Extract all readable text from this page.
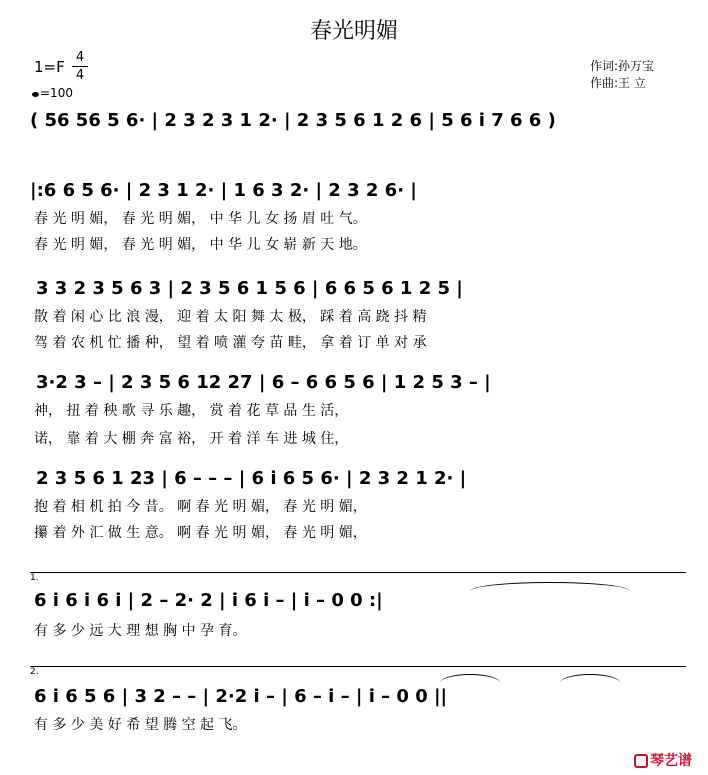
春光明媚
1=F
4
4
=100
作词:孙万宝
作曲:王 立
( 56 56 5 6· | 2 3 2 3 1 2· | 2 3 5 6 1 2 6 | 5 6 i 7 6 6 )
|:6 6 5 6· | 2 3 1 2· | 1 6 3 2· | 2 3 2 6· |
春 光 明 媚， 春 光 明 媚， 中 华 儿 女 扬 眉 吐 气。
春 光 明 媚， 春 光 明 媚， 中 华 儿 女 崭 新 天 地。
3 3 2 3 5 6 3 | 2 3 5 6 1 5 6 | 6 6 5 6 1 2 5 |
散 着 闲 心 比 浪 漫， 迎 着 太 阳 舞 太 极， 踩 着 高 跷 抖 精
驾 着 农 机 忙 播 种， 望 着 喷 灌 夸 苗 畦， 拿 着 订 单 对 承
3·2 3 – | 2 3 5 6 12 27 | 6 – 6 6 5 6 | 1 2 5 3 – |
神， 扭 着 秧 歌 寻 乐 趣， 赏 着 花 草 品 生 活，
诺， 靠 着 大 棚 奔 富 裕， 开 着 洋 车 进 城 住，
2 3 5 6 1 23 | 6 – – – | 6 i 6 5 6· | 2 3 2 1 2· |
抱 着 相 机 拍 今 昔。 啊 春 光 明 媚， 春 光 明 媚，
攥 着 外 汇 做 生 意。 啊 春 光 明 媚， 春 光 明 媚，
1.
6 i 6 i 6 i | 2 – 2· 2 | i 6 i – | i – 0 0 :|
有 多 少 远 大 理 想 胸 中 孕 育。
2.
6 i 6 5 6 | 3 2 – – | 2·2 i – | 6 – i – | i – 0 0 ||
有 多 少 美 好 希 望 腾 空 起 飞。
琴艺谱
